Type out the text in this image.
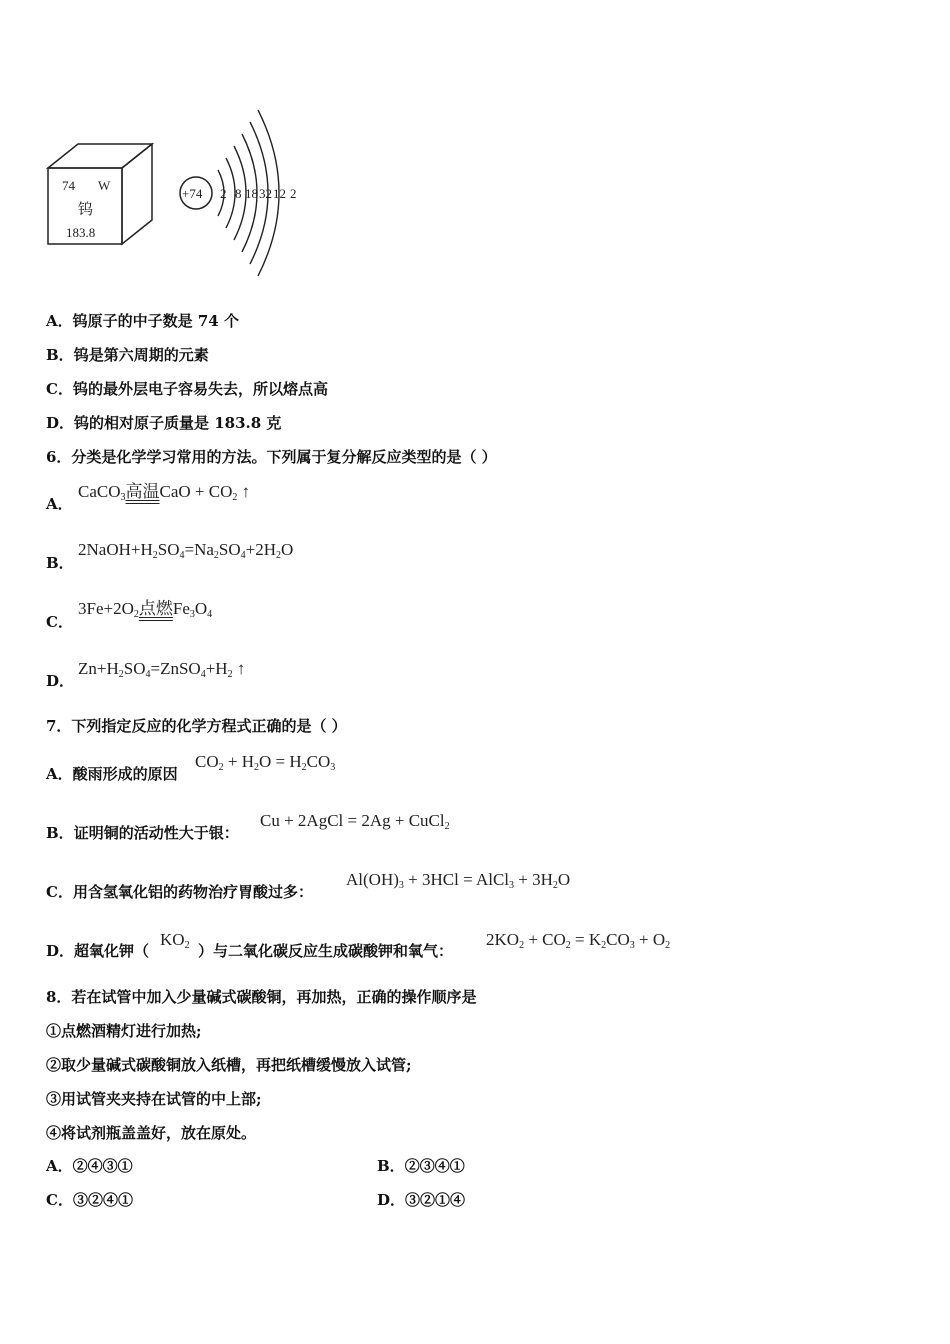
74 W
钨
183.8
+74 2 8 18 32 12 2
A．钨原子的中子数是 74 个
B．钨是第六周期的元素
C．钨的最外层电子容易失去，所以熔点高
D．钨的相对原子质量是 183.8 克
6．分类是化学学习常用的方法。下列属于复分解反应类型的是（ ）
A．
CaCO$_3$高温CaO + $CO_2$ ↑
B．
$2NaOH+H_2SO_4=Na_2SO_4+2H_2O$
C．
$3Fe+2O_2$点燃$Fe_3O_4$
D．
$Zn+H_2SO_4=ZnSO_4+H_2$ ↑
7．下列指定反应的化学方程式正确的是（ ）
A．酸雨形成的原因
$CO_2 + H_2O = H_2CO_3$
B．证明铜的活动性大于银：
Cu + 2AgCl = 2Ag + CuCl$_2$
C．用含氢氧化铝的药物治疗胃酸过多：
$Al(OH)_3 + 3HCl$ = AlCl$_3$ + $3H_2O$
D．超氧化钾（
$KO_2$ ）与二氧化碳反应生成碳酸钾和氧气：
$2KO_2 + CO_2 = K_2CO_3 + O_2$
8．若在试管中加入少量碱式碳酸铜，再加热，正确的操作顺序是
①点燃酒精灯进行加热;
②取少量碱式碳酸铜放入纸槽，再把纸槽缓慢放入试管;
③用试管夹夹持在试管的中上部;
④将试剂瓶盖盖好，放在原处。
A．②④③①	B．②③④①
C．③②④①	D．③②①④
